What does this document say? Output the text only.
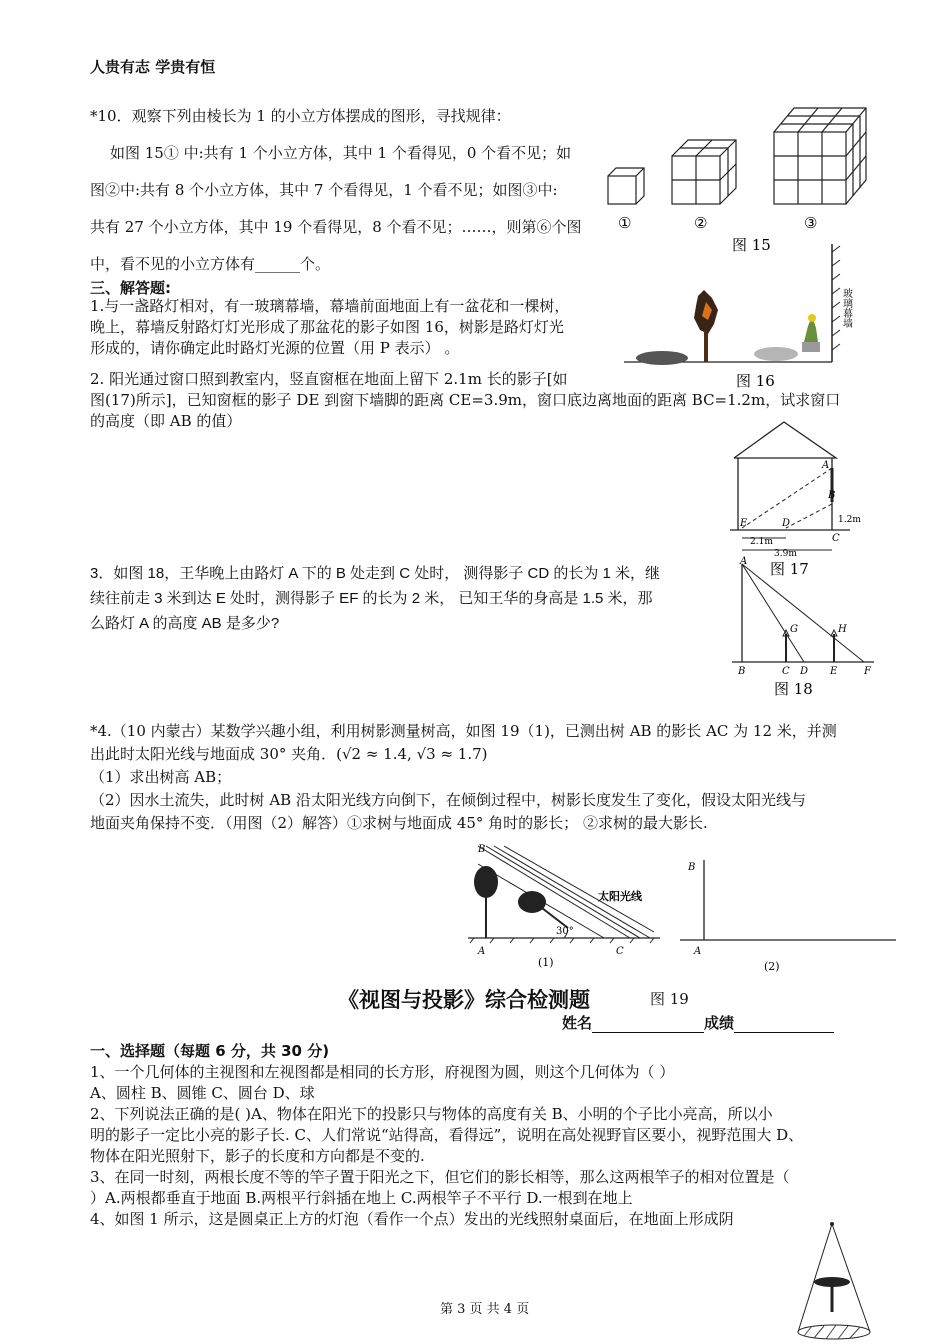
人贵有志 学贵有恒
*10．观察下列由棱长为 1 的小立方体摆成的图形，寻找规律：
如图 15① 中:共有 1 个小立方体，其中 1 个看得见，0 个看不见；如
图②中:共有 8 个小立方体，其中 7 个看得见，1 个看不见；如图③中:
共有 27 个小立方体，其中 19 个看得见，8 个看不见；……，则第⑥个图
中，看不见的小立方体有______个。
①	②	③
图 15
三、解答题:
1.与一盏路灯相对，有一玻璃幕墙，幕墙前面地面上有一盆花和一棵树，
晚上，幕墙反射路灯灯光形成了那盆花的影子如图 16，树影是路灯灯光
形成的，请你确定此时路灯光源的位置（用 P 表示） 。
玻璃幕墙
图 16
2. 阳光通过窗口照到教室内，竖直窗框在地面上留下 2.1m 长的影子[如
图(17)所示]，已知窗框的影子 DE 到窗下墙脚的距离 CE=3.9m，窗口底边离地面的距离 BC=1.2m，试求窗口
的高度（即 AB 的值）
A
B
C
D
E	1.2m
2.1m
3.9m
图 17
3．如图 18，王华晚上由路灯 A 下的 B 处走到 C 处时， 测得影子 CD 的长为 1 米，继
续往前走 3 米到达 E 处时，测得影子 EF 的长为 2 米， 已知王华的身高是 1.5 米，那
么路灯 A 的高度 AB 是多少?
A
B	C D E	F
G	H
图 18
*4.（10 内蒙古）某数学兴趣小组，利用树影测量树高，如图 19（1)，已测出树 AB 的影长 AC 为 12 米，并测
出此时太阳光线与地面成 30° 夹角．(√2 ≈ 1.4, √3 ≈ 1.7)
（1）求出树高 AB；
（2）因水土流失，此时树 AB 沿太阳光线方向倒下，在倾倒过程中，树影长度发生了变化，假设太阳光线与
地面夹角保持不变．（用图（2）解答）①求树与地面成 45° 角时的影长； ②求树的最大影长.
太阳光线
30°
B
A	C
(1)
B
A
(2)
《视图与投影》综合检测题	图 19
姓名	成绩
一、选择题（每题 6 分，共 30 分)
1、一个几何体的主视图和左视图都是相同的长方形，府视图为圆，则这个几何体为（ ）
A、圆柱 B、圆锥 C、圆台 D、球
2、下列说法正确的是( )A、物体在阳光下的投影只与物体的高度有关 B、小明的个子比小亮高，所以小
明的影子一定比小亮的影子长. C、人们常说“站得高，看得远”，说明在高处视野盲区要小，视野范围大 D、
物体在阳光照射下，影子的长度和方向都是不变的.
3、在同一时刻，两根长度不等的竿子置于阳光之下，但它们的影长相等，那么这两根竿子的相对位置是（
）A.两根都垂直于地面 B.两根平行斜插在地上 C.两根竿子不平行 D.一根到在地上
4、如图 1 所示，这是圆桌正上方的灯泡（看作一个点）发出的光线照射桌面后，在地面上形成阴
第 3 页 共 4 页
